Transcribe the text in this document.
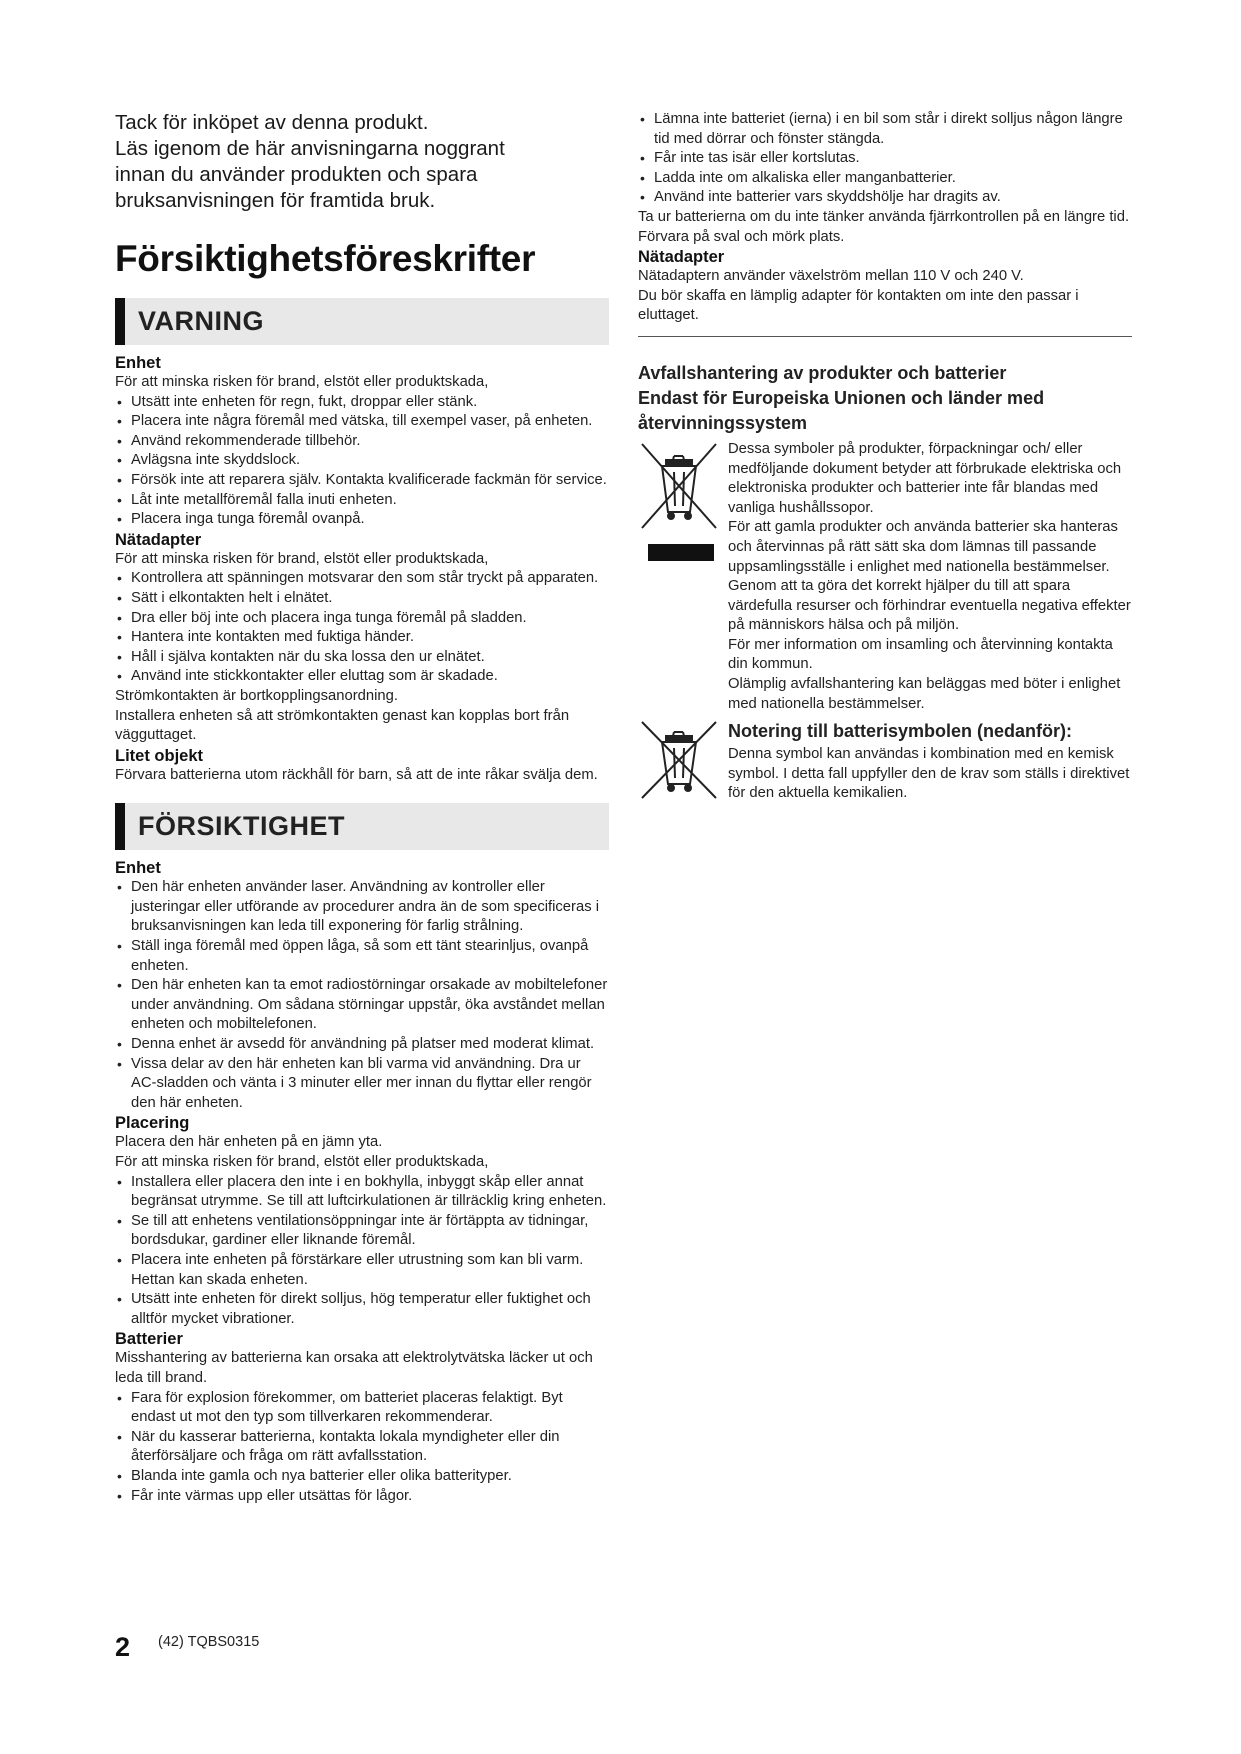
Tack för inköpet av denna produkt.
Läs igenom de här anvisningarna noggrant
innan du använder produkten och spara
bruksanvisningen för framtida bruk.

Försiktighetsföreskrifter
VARNING

Enhet

För att minska risken för brand, elstöt eller produktskada,

• Utsätt inte enheten för regn, fukt, droppar eller stänk.
• Placera inte några föremål med vätska, till exempel vaser, på enheten.
• Använd rekommenderade tillbehör.
• Avlägsna inte skyddslock.
• Försök inte att reparera själv. Kontakta kvalificerade fackmän för service.
• Låt inte metallföremål falla inuti enheten.
• Placera inga tunga föremål ovanpå.

Nätadapter

För att minska risken för brand, elstöt eller produktskada,

• Kontrollera att spänningen motsvarar den som står tryckt på apparaten.
• Sätt i elkontakten helt i elnätet.
• Dra eller böj inte och placera inga tunga föremål på sladden.
• Hantera inte kontakten med fuktiga händer.
• Håll i själva kontakten när du ska lossa den ur elnätet.
• Använd inte stickkontakter eller eluttag som är skadade.

Strömkontakten är bortkopplingsanordning.

Installera enheten så att strömkontakten genast kan kopplas bort från vägguttaget.

Litet objekt

Förvara batterierna utom räckhåll för barn, så att de inte råkar svälja dem.

FÖRSIKTIGHET

Enhet

• Den här enheten använder laser. Användning av kontroller eller justeringar eller utförande av procedurer andra än de som specificeras i bruksanvisningen kan leda till exponering för farlig strålning.
• Ställ inga föremål med öppen låga, så som ett tänt stearinljus, ovanpå enheten.
• Den här enheten kan ta emot radiostörningar orsakade av mobiltelefoner under användning. Om sådana störningar uppstår, öka avståndet mellan enheten och mobiltelefonen.
• Denna enhet är avsedd för användning på platser med moderat klimat.
• Vissa delar av den här enheten kan bli varma vid användning. Dra ur AC-sladden och vänta i 3 minuter eller mer innan du flyttar eller rengör den här enheten.

Placering

Placera den här enheten på en jämn yta.

För att minska risken för brand, elstöt eller produktskada,

• Installera eller placera den inte i en bokhylla, inbyggt skåp eller annat begränsat utrymme. Se till att luftcirkulationen är tillräcklig kring enheten.
• Se till att enhetens ventilationsöppningar inte är förtäppta av tidningar, bordsdukar, gardiner eller liknande föremål.
• Placera inte enheten på förstärkare eller utrustning som kan bli varm. Hettan kan skada enheten.
• Utsätt inte enheten för direkt solljus, hög temperatur eller fuktighet och alltför mycket vibrationer.

Batterier

Misshantering av batterierna kan orsaka att elektrolytvätska läcker ut och leda till brand.

• Fara för explosion förekommer, om batteriet placeras felaktigt. Byt endast ut mot den typ som tillverkaren rekommenderar.
• När du kasserar batterierna, kontakta lokala myndigheter eller din återförsäljare och fråga om rätt avfallsstation.
• Blanda inte gamla och nya batterier eller olika batterityper.
• Får inte värmas upp eller utsättas för lågor.
• Lämna inte batteriet (ierna) i en bil som står i direkt solljus någon längre tid med dörrar och fönster stängda.
• Får inte tas isär eller kortslutas.
• Ladda inte om alkaliska eller manganbatterier.
• Använd inte batterier vars skyddshölje har dragits av.

Ta ur batterierna om du inte tänker använda fjärrkontrollen på en längre tid. Förvara på sval och mörk plats.

Nätadapter

Nätadaptern använder växelström mellan 110 V och 240 V.

Du bör skaffa en lämplig adapter för kontakten om inte den passar i eluttaget.

Avfallshantering av produkter och batterier
Endast för Europeiska Unionen och länder med
återvinningssystem

Dessa symboler på produkter, förpackningar och/ eller medföljande dokument betyder att förbrukade elektriska och elektroniska produkter och batterier inte får blandas med vanliga hushållssopor.

För att gamla produkter och använda batterier ska hanteras och återvinnas på rätt sätt ska dom lämnas till passande uppsamlingsställe i enlighet med nationella bestämmelser.

Genom att ta göra det korrekt hjälper du till att spara värdefulla resurser och förhindrar eventuella negativa effekter på människors hälsa och på miljön.

För mer information om insamling och återvinning kontakta din kommun.

Olämplig avfallshantering kan beläggas med böter i enlighet med nationella bestämmelser.

Notering till batterisymbolen (nedanför):

Denna symbol kan användas i kombination med en kemisk symbol. I detta fall uppfyller den de krav som ställs i direktivet för den aktuella kemikalien.

2 (42) TQBS0315
